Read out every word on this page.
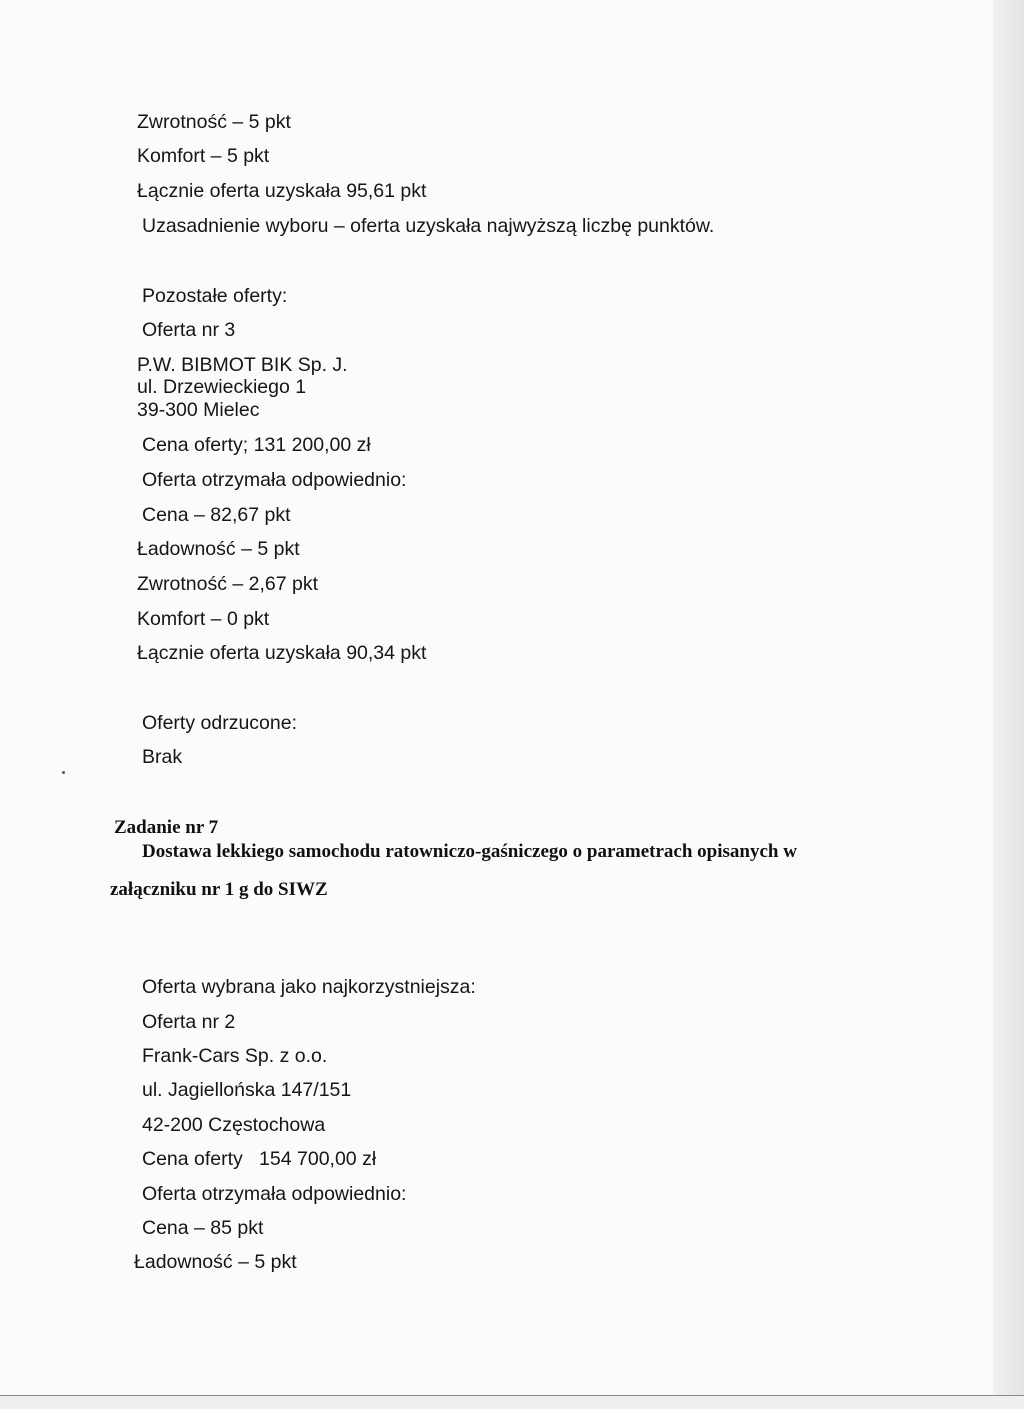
Zwrotność – 5 pkt
Komfort – 5 pkt
Łącznie oferta uzyskała 95,61 pkt
Uzasadnienie wyboru – oferta uzyskała najwyższą liczbę punktów.
Pozostałe oferty:
Oferta nr 3
P.W. BIBMOT BIK Sp. J.
ul. Drzewieckiego 1
39-300 Mielec
Cena oferty; 131 200,00 zł
Oferta otrzymała odpowiednio:
Cena – 82,67 pkt
Ładowność – 5 pkt
Zwrotność – 2,67 pkt
Komfort – 0 pkt
Łącznie oferta uzyskała 90,34 pkt
Oferty odrzucone:
Brak
Zadanie nr 7
Dostawa lekkiego samochodu ratowniczo-gaśniczego o parametrach opisanych w
załączniku nr 1 g do SIWZ
Oferta wybrana jako najkorzystniejsza:
Oferta nr 2
Frank-Cars Sp. z o.o.
ul. Jagiellońska 147/151
42-200 Częstochowa
Cena oferty   154 700,00 zł
Oferta otrzymała odpowiednio:
Cena – 85 pkt
Ładowność – 5 pkt
